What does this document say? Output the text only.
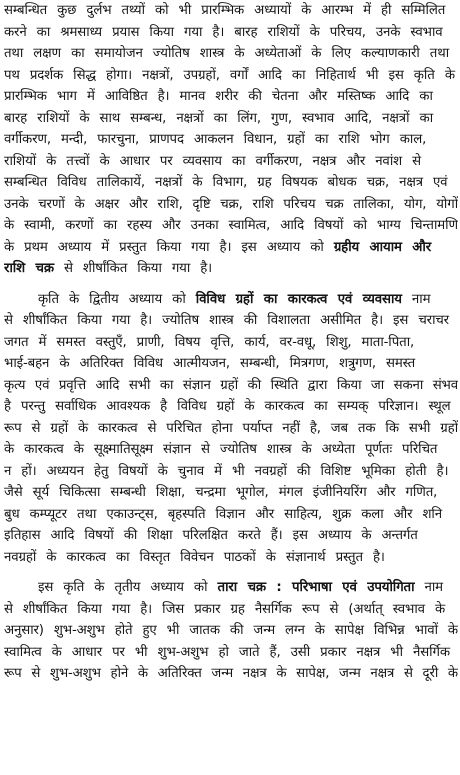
सम्बन्धित कुछ दुर्लभ तथ्यों को भी प्रारम्भिक अध्यायों के आरम्भ में ही सम्मिलित
करने का श्रमसाध्य प्रयास किया गया है। बारह राशियों के परिचय, उनके स्वभाव
तथा लक्षण का समायोजन ज्योतिष शास्त्र के अध्येताओं के लिए कल्याणकारी तथा
पथ प्रदर्शक सिद्ध होगा। नक्षत्रों, उपग्रहों, वर्गों आदि का निहितार्थ भी इस कृति के
प्रारम्भिक भाग में आविष्ठित है। मानव शरीर की चेतना और मस्तिष्क आदि का
बारह राशियों के साथ सम्बन्ध, नक्षत्रों का लिंग, गुण, स्वभाव आदि, नक्षत्रों का
वर्गीकरण, मन्दी, फारचुना, प्राणपद आकलन विधान, ग्रहों का राशि भोग काल,
राशियों के तत्त्वों के आधार पर व्यवसाय का वर्गीकरण, नक्षत्र और नवांश से
सम्बन्धित विविध तालिकायें, नक्षत्रों के विभाग, ग्रह विषयक बोधक चक्र, नक्षत्र एवं
उनके चरणों के अक्षर और राशि, दृष्टि चक्र, राशि परिचय चक्र तालिका, योग, योगों
के स्वामी, करणों का रहस्य और उनका स्वामित्व, आदि विषयों को भाग्य चिन्तामणि
के प्रथम अध्याय में प्रस्तुत किया गया है। इस अध्याय को ग्रहीय आयाम और
राशि चक्र से शीर्षांकित किया गया है।
कृति के द्वितीय अध्याय को विविध ग्रहों का कारकत्व एवं व्यवसाय नाम
से शीर्षांकित किया गया है। ज्योतिष शास्त्र की विशालता असीमित है। इस चराचर
जगत में समस्त वस्तुएँ, प्राणी, विषय वृत्ति, कार्य, वर-वधू, शिशु, माता-पिता,
भाई-बहन के अतिरिक्त विविध आत्मीयजन, सम्बन्धी, मित्रगण, शत्रुगण, समस्त
कृत्य एवं प्रवृत्ति आदि सभी का संज्ञान ग्रहों की स्थिति द्वारा किया जा सकना संभव
है परन्तु सर्वाधिक आवश्यक है विविध ग्रहों के कारकत्व का सम्यक् परिज्ञान। स्थूल
रूप से ग्रहों के कारकत्व से परिचित होना पर्याप्त नहीं है, जब तक कि सभी ग्रहों
के कारकत्व के सूक्ष्मातिसूक्ष्म संज्ञान से ज्योतिष शास्त्र के अध्येता पूर्णतः परिचित
न हों। अध्ययन हेतु विषयों के चुनाव में भी नवग्रहों की विशिष्ट भूमिका होती है।
जैसे सूर्य चिकित्सा सम्बन्धी शिक्षा, चन्द्रमा भूगोल, मंगल इंजीनियरिंग और गणित,
बुध कम्प्यूटर तथा एकाउन्ट्स, बृहस्पति विज्ञान और साहित्य, शुक्र कला और शनि
इतिहास आदि विषयों की शिक्षा परिलक्षित करते हैं। इस अध्याय के अन्तर्गत
नवग्रहों के कारकत्व का विस्तृत विवेचन पाठकों के संज्ञानार्थ प्रस्तुत है।
इस कृति के तृतीय अध्याय को तारा चक्र : परिभाषा एवं उपयोगिता नाम
से शीर्षांकित किया गया है। जिस प्रकार ग्रह नैसर्गिक रूप से (अर्थात् स्वभाव के
अनुसार) शुभ-अशुभ होते हुए भी जातक की जन्म लग्न के सापेक्ष विभिन्न भावों के
स्वामित्व के आधार पर भी शुभ-अशुभ हो जाते हैं, उसी प्रकार नक्षत्र भी नैसर्गिक
रूप से शुभ-अशुभ होने के अतिरिक्त जन्म नक्षत्र के सापेक्ष, जन्म नक्षत्र से दूरी के
